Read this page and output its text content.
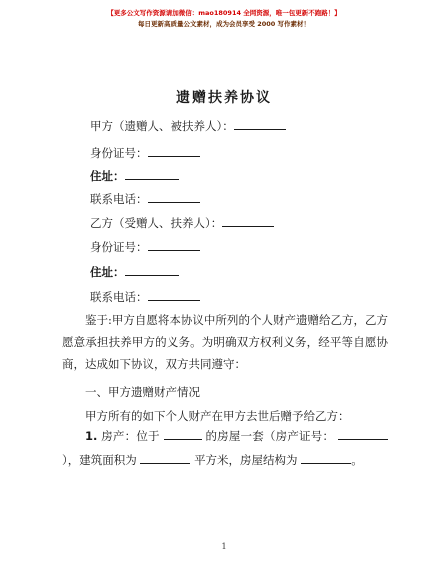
【更多公文写作资源请加微信：mao180914 全网资源，唯一包更新不跑路！】
每日更新高质量公文素材，成为会员享受 2000 写作素材！
遗赠扶养协议
甲方（遗赠人、被扶养人）：
身份证号：
住址：
联系电话：
乙方（受赠人、扶养人）：
身份证号：
住址：
联系电话：
鉴于:甲方自愿将本协议中所列的个人财产遗赠给乙方，乙方愿意承担扶养甲方的义务。为明确双方权利义务，经平等自愿协商，达成如下协议，双方共同遵守：
一、甲方遗赠财产情况
甲方所有的如下个人财产在甲方去世后赠予给乙方：
1. 房产：位于	的房屋一套（房产证号：  ），建筑面积为	平方米，房屋结构为	。
1
